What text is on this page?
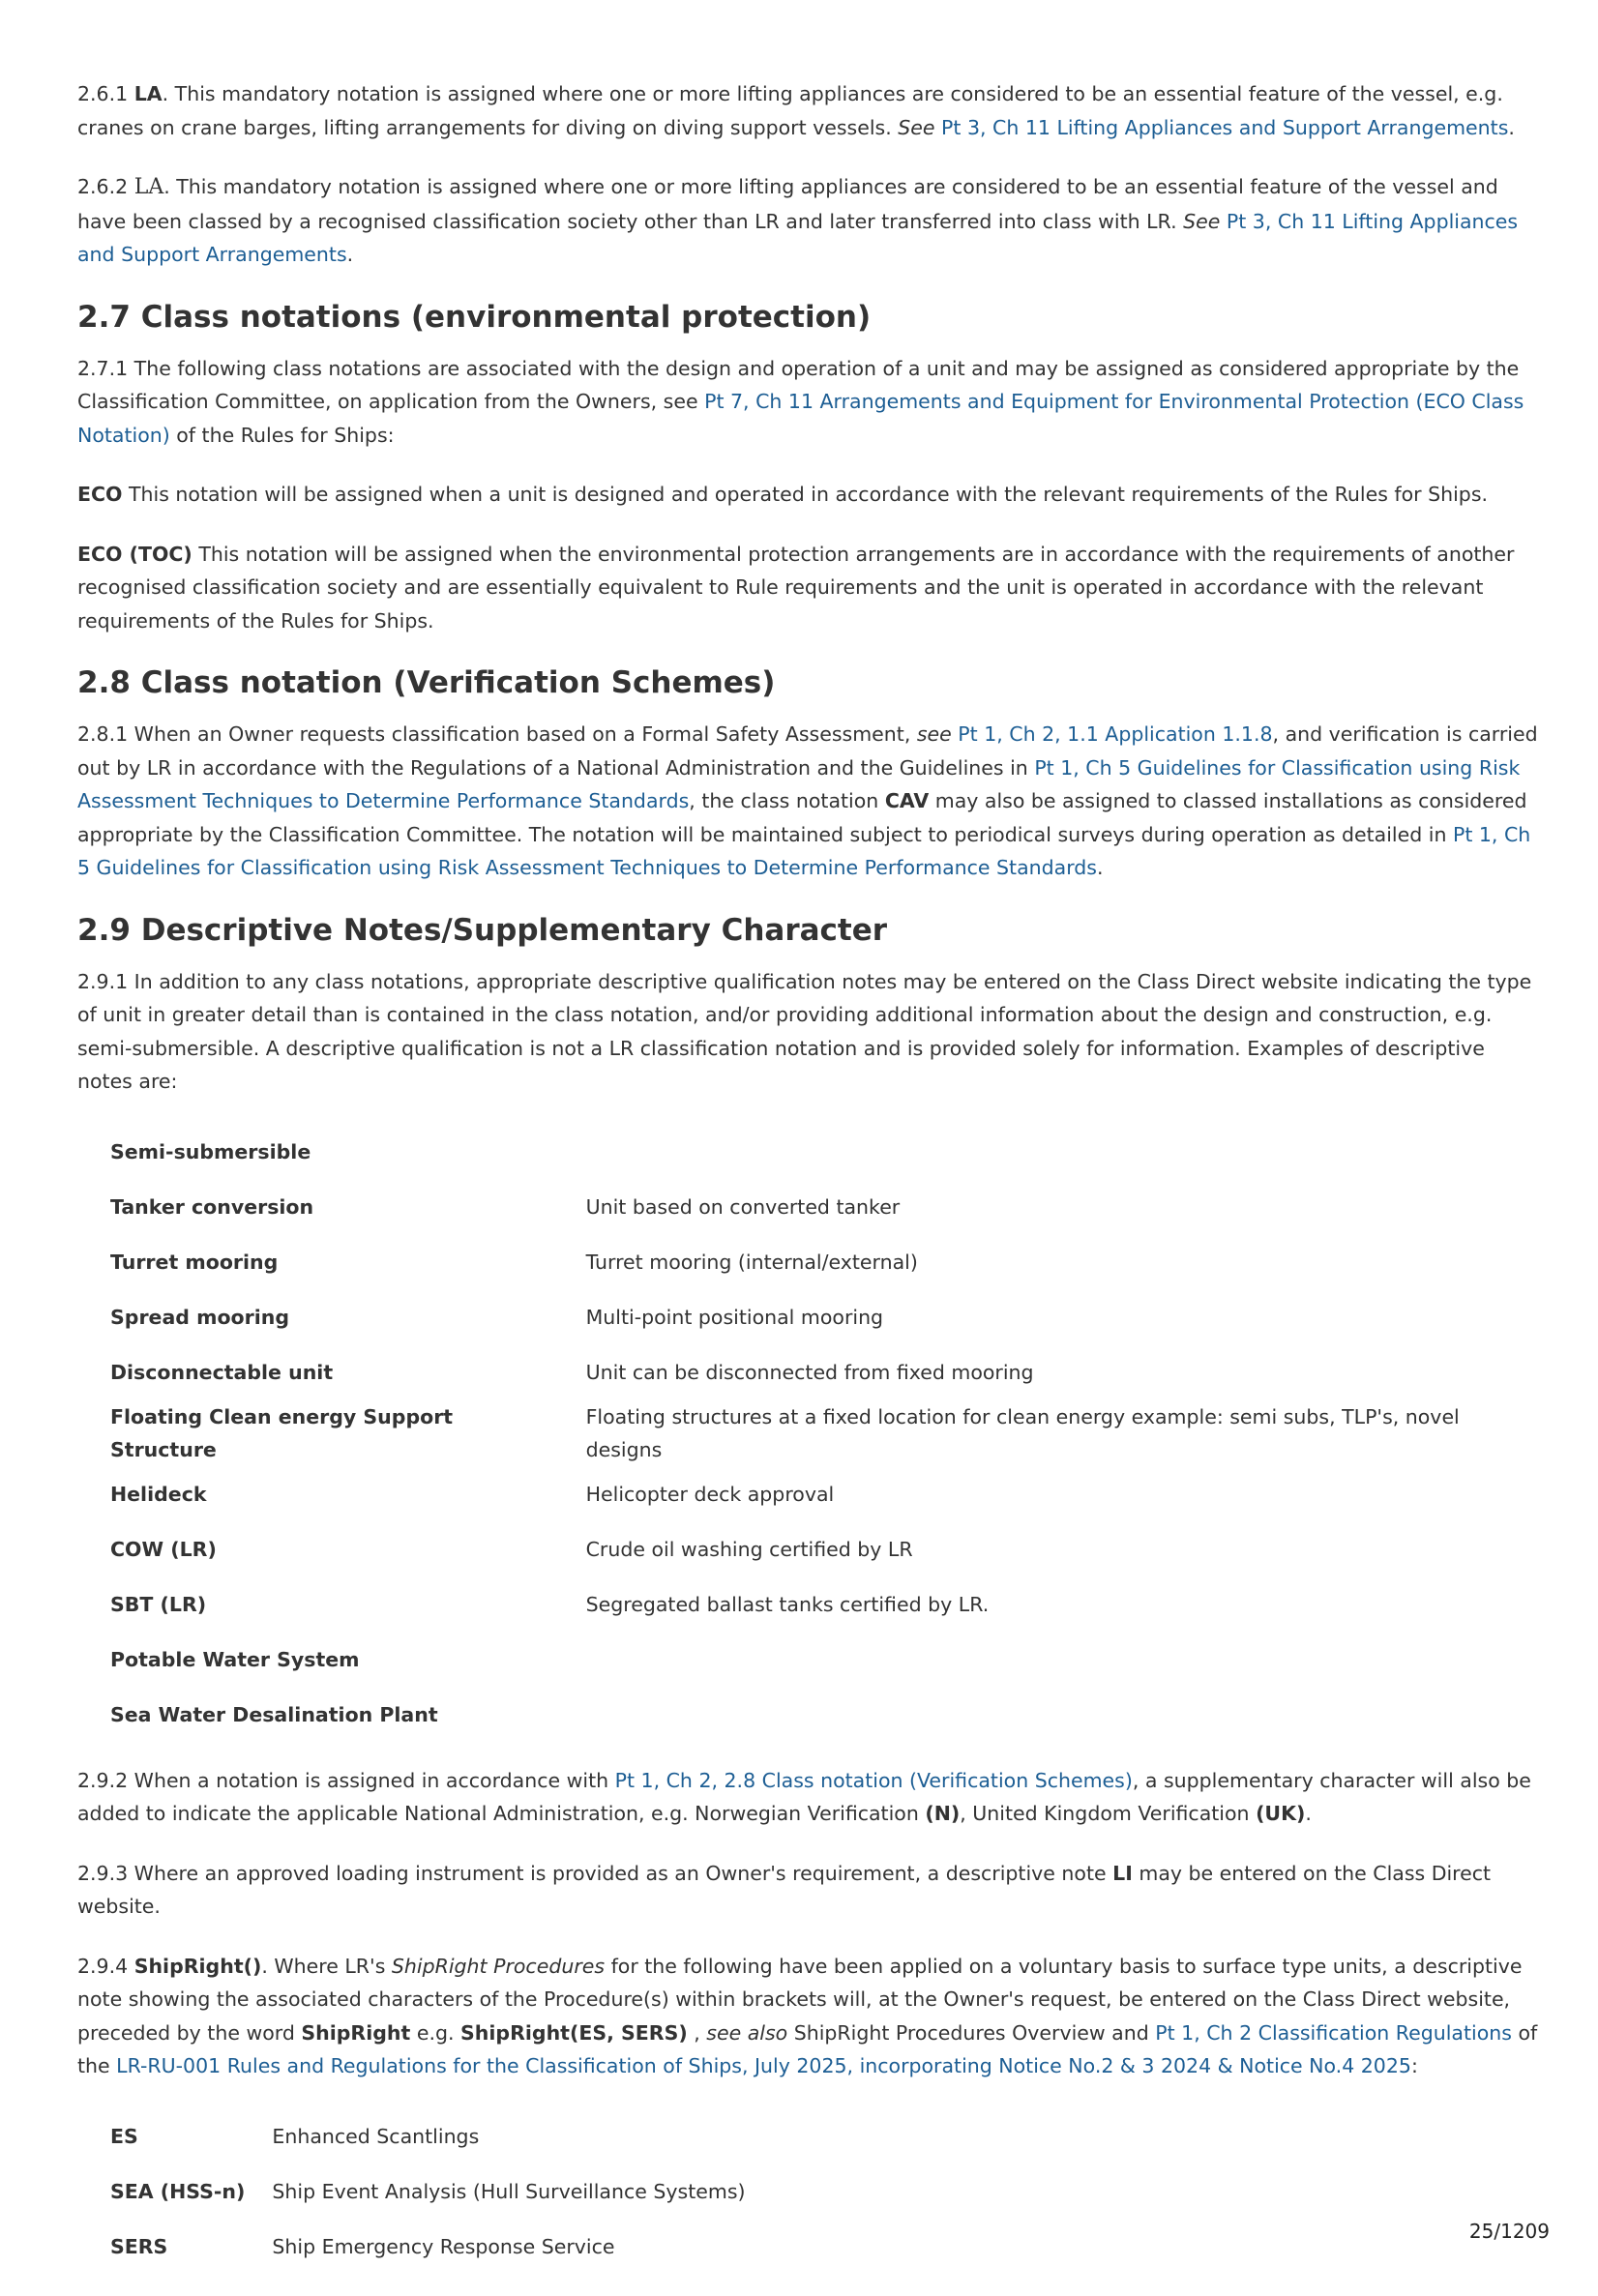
2.6.1 LA. This mandatory notation is assigned where one or more lifting appliances are considered to be an essential feature of the vessel, e.g. cranes on crane barges, lifting arrangements for diving on diving support vessels. See Pt 3, Ch 11 Lifting Appliances and Support Arrangements.

2.6.2 LA. This mandatory notation is assigned where one or more lifting appliances are considered to be an essential feature of the vessel and have been classed by a recognised classification society other than LR and later transferred into class with LR. See Pt 3, Ch 11 Lifting Appliances and Support Arrangements.

2.7 Class notations (environmental protection)

2.7.1 The following class notations are associated with the design and operation of a unit and may be assigned as considered appropriate by the Classification Committee, on application from the Owners, see Pt 7, Ch 11 Arrangements and Equipment for Environmental Protection (ECO Class Notation) of the Rules for Ships:

ECO This notation will be assigned when a unit is designed and operated in accordance with the relevant requirements of the Rules for Ships.

ECO (TOC) This notation will be assigned when the environmental protection arrangements are in accordance with the requirements of another recognised classification society and are essentially equivalent to Rule requirements and the unit is operated in accordance with the relevant requirements of the Rules for Ships.

2.8 Class notation (Verification Schemes)

2.8.1 When an Owner requests classification based on a Formal Safety Assessment, see Pt 1, Ch 2, 1.1 Application 1.1.8, and verification is carried out by LR in accordance with the Regulations of a National Administration and the Guidelines in Pt 1, Ch 5 Guidelines for Classification using Risk Assessment Techniques to Determine Performance Standards, the class notation CAV may also be assigned to classed installations as considered appropriate by the Classification Committee. The notation will be maintained subject to periodical surveys during operation as detailed in Pt 1, Ch 5 Guidelines for Classification using Risk Assessment Techniques to Determine Performance Standards.

2.9 Descriptive Notes/Supplementary Character

2.9.1 In addition to any class notations, appropriate descriptive qualification notes may be entered on the Class Direct website indicating the type of unit in greater detail than is contained in the class notation, and/or providing additional information about the design and construction, e.g. semi-submersible. A descriptive qualification is not a LR classification notation and is provided solely for information. Examples of descriptive notes are:

Semi-submersible	
Tanker conversion	Unit based on converted tanker
Turret mooring	Turret mooring (internal/external)
Spread mooring	Multi-point positional mooring
Disconnectable unit	Unit can be disconnected from fixed mooring
Floating Clean energy Support Structure	Floating structures at a fixed location for clean energy example: semi subs, TLP's, novel designs
Helideck	Helicopter deck approval
COW (LR)	Crude oil washing certified by LR
SBT (LR)	Segregated ballast tanks certified by LR.
Potable Water System	
Sea Water Desalination Plant	

2.9.2 When a notation is assigned in accordance with Pt 1, Ch 2, 2.8 Class notation (Verification Schemes), a supplementary character will also be added to indicate the applicable National Administration, e.g. Norwegian Verification (N), United Kingdom Verification (UK).

2.9.3 Where an approved loading instrument is provided as an Owner's requirement, a descriptive note LI may be entered on the Class Direct website.

2.9.4 ShipRight(). Where LR's ShipRight Procedures for the following have been applied on a voluntary basis to surface type units, a descriptive note showing the associated characters of the Procedure(s) within brackets will, at the Owner's request, be entered on the Class Direct website, preceded by the word ShipRight e.g. ShipRight(ES, SERS) , see also ShipRight Procedures Overview and Pt 1, Ch 2 Classification Regulations of the LR-RU-001 Rules and Regulations for the Classification of Ships, July 2025, incorporating Notice No.2 & 3 2024 & Notice No.4 2025:

ES	Enhanced Scantlings
SEA (HSS-n)	Ship Event Analysis (Hull Surveillance Systems)
SERS	Ship Emergency Response Service
25/1209
